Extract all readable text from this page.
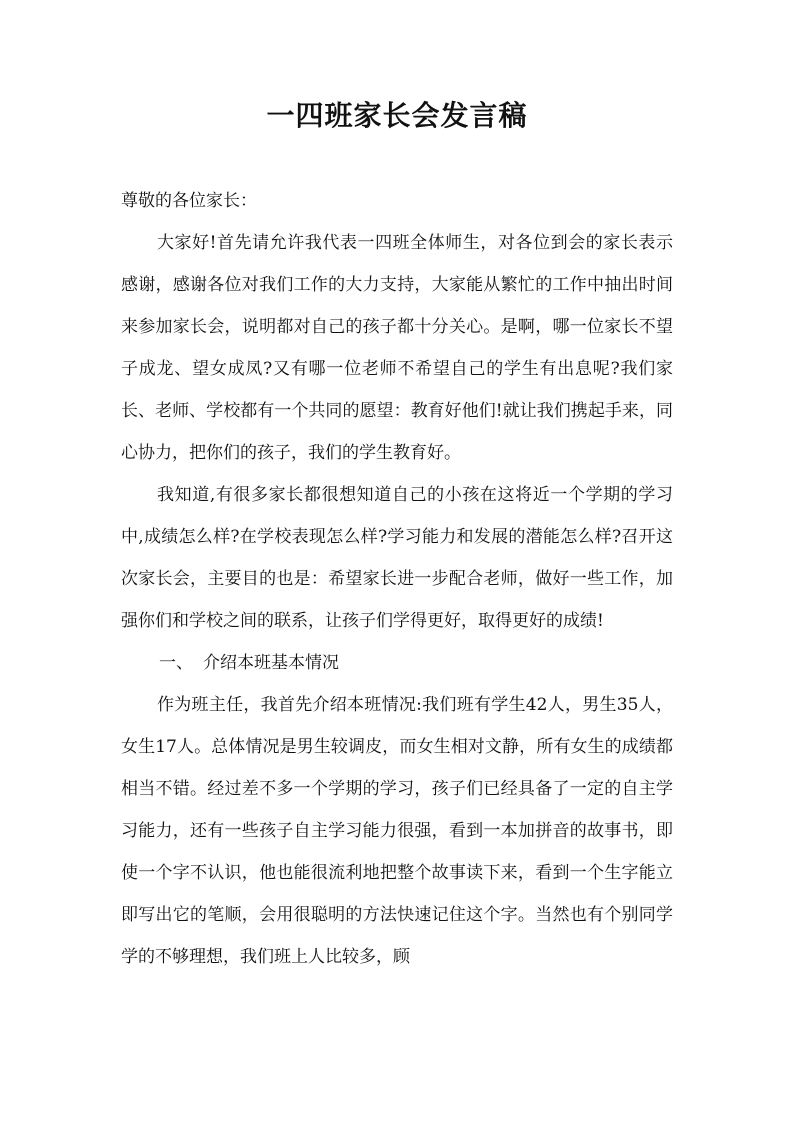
一四班家长会发言稿

尊敬的各位家长：

大家好!首先请允许我代表一四班全体师生，对各位到会的家长表示感谢，感谢各位对我们工作的大力支持，大家能从繁忙的工作中抽出时间来参加家长会，说明都对自己的孩子都十分关心。是啊，哪一位家长不望子成龙、望女成凤?又有哪一位老师不希望自己的学生有出息呢?我们家长、老师、学校都有一个共同的愿望：教育好他们!就让我们携起手来，同心协力，把你们的孩子，我们的学生教育好。

我知道,有很多家长都很想知道自己的小孩在这将近一个学期的学习中,成绩怎么样?在学校表现怎么样?学习能力和发展的潜能怎么样?召开这次家长会，主要目的也是：希望家长进一步配合老师，做好一些工作，加强你们和学校之间的联系，让孩子们学得更好，取得更好的成绩!

一、 介绍本班基本情况

作为班主任，我首先介绍本班情况:我们班有学生42人，男生35人，女生17人。总体情况是男生较调皮，而女生相对文静，所有女生的成绩都相当不错。经过差不多一个学期的学习，孩子们已经具备了一定的自主学习能力，还有一些孩子自主学习能力很强，看到一本加拼音的故事书，即使一个字不认识，他也能很流利地把整个故事读下来，看到一个生字能立即写出它的笔顺，会用很聪明的方法快速记住这个字。当然也有个别同学学的不够理想，我们班上人比较多，顾
